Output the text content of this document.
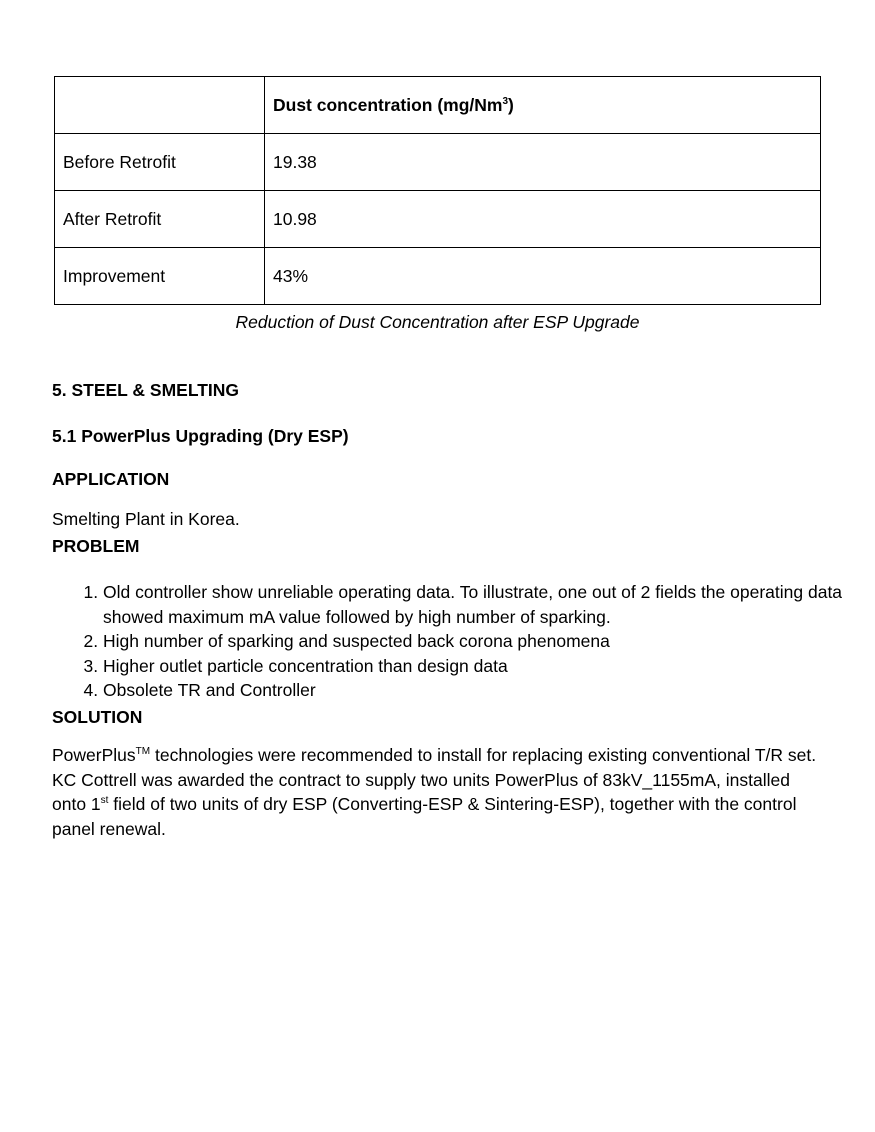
	Dust concentration (mg/Nm$^3$)
Before Retrofit	19.38
After Retrofit	10.98
Improvement	43%
Reduction of Dust Concentration after ESP Upgrade
5. STEEL & SMELTING
5.1 PowerPlus Upgrading (Dry ESP)
APPLICATION
Smelting Plant in Korea.
PROBLEM
1. Old controller show unreliable operating data. To illustrate, one out of 2 fields the operating data showed maximum mA value followed by high number of sparking.
2. High number of sparking and suspected back corona phenomena
3. Higher outlet particle concentration than design data
4. Obsolete TR and Controller
SOLUTION
PowerPlus™ technologies were recommended to install for replacing existing conventional T/R set. KC Cottrell was awarded the contract to supply two units PowerPlus of 83kV_1155mA, installed onto 1st field of two units of dry ESP (Converting-ESP & Sintering-ESP), together with the control panel renewal.
